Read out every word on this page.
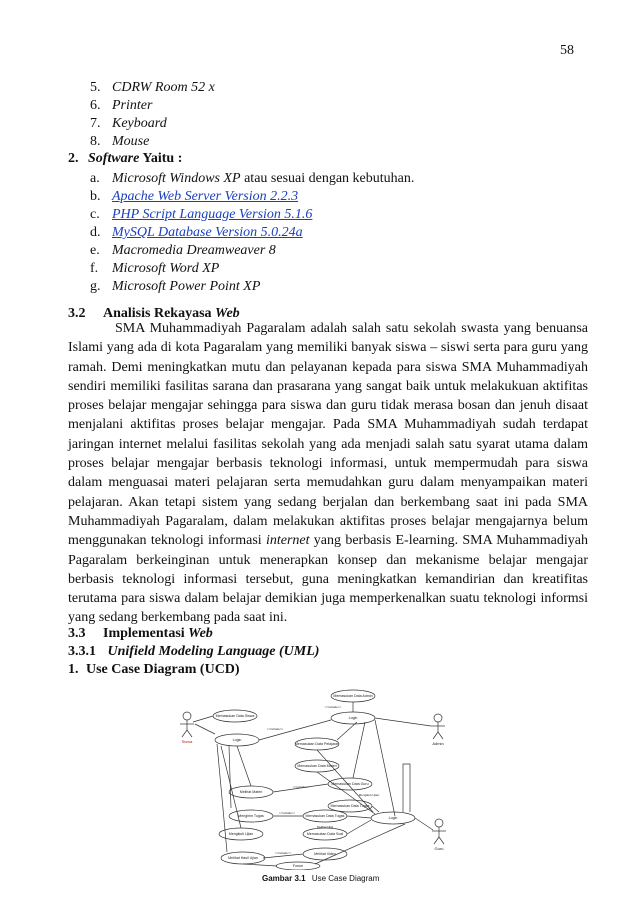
58
5. CDRW Room 52 x
6. Printer
7. Keyboard
8. Mouse
2. Software Yaitu :
a. Microsoft Windows XP atau sesuai dengan kebutuhan.
b. Apache Web Server Version 2.2.3
c. PHP Script Language Version 5.1.6
d. MySQL Database Version 5.0.24a
e. Macromedia Dreamweaver 8
f. Microsoft Word XP
g. Microsoft Power Point XP
3.2 Analisis Rekayasa Web

SMA Muhammadiyah Pagaralam adalah salah satu sekolah swasta yang benuansa Islami yang ada di kota Pagaralam yang memiliki banyak siswa – siswi serta para guru yang ramah. Demi meningkatkan mutu dan pelayanan kepada para siswa SMA Muhammadiyah sendiri memiliki fasilitas sarana dan prasarana yang sangat baik untuk melakukuan aktifitas proses belajar mengajar sehingga para siswa dan guru tidak merasa bosan dan jenuh disaat menjalani aktifitas proses belajar mengajar. Pada SMA Muhammadiyah sudah terdapat jaringan internet melalui fasilitas sekolah yang ada menjadi salah satu syarat utama dalam proses belajar mengajar berbasis teknologi informasi, untuk mempermudah para siswa dalam menguasai materi pelajaran serta memudahkan guru dalam menyampaikan materi pelajaran. Akan tetapi sistem yang sedang berjalan dan berkembang saat ini pada SMA Muhammadiyah Pagaralam, dalam melakukan aktifitas proses belajar mengajarnya belum menggunakan teknologi informasi internet yang berbasis E-learning. SMA Muhammadiyah Pagaralam berkeinginan untuk menerapkan konsep dan mekanisme belajar mengajar berbasis teknologi informasi tersebut, guna meningkatkan kemandirian dan kreatifitas terutama para siswa dalam belajar demikian juga memperkenalkan suatu teknologi informsi yang sedang berkembang pada saat ini.

3.3 Implementasi Web
3.3.1 Unifield Modeling Language (UML)
1. Use Case Diagram (UCD)
Siswa	Admin
Guru
Memasukan Data Admin
Login
Memasukan Data Siswa
Login
Memasukan Data Pelajaran
Memasukan Data Materi
Melihat Materi
Memasukan Data Guru
Mengirim Tugas
Memasukan Data Tugas
Memasukan Data Tugas
Mengikuti Ujian	Memasukan Data Soal
Login
Melihat Hasil Ujian
Melihat Video
Forum
Melihat Nilai
Mengikuti Ujian
<<include>>
<<include>>
<<include>>
<<include>>
<<include>>
Gambar 3.1 Use Case Diagram
